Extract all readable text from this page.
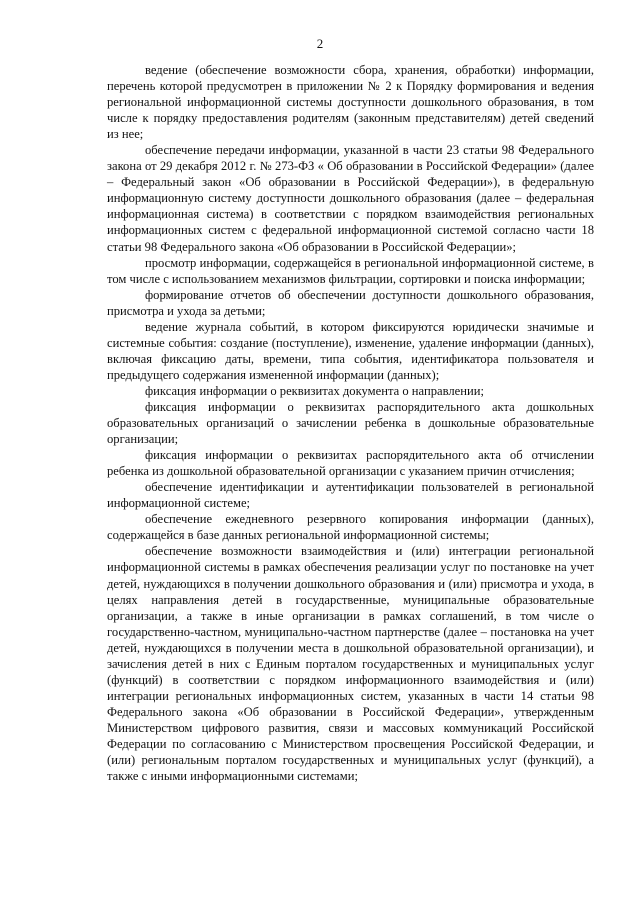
2

ведение (обеспечение возможности сбора, хранения, обработки) информации, перечень которой предусмотрен в приложении № 2 к Порядку формирования и ведения региональной информационной системы доступности дошкольного образования, в том числе к порядку предоставления родителям (законным представителям) детей сведений из нее;

обеспечение передачи информации, указанной в части 23 статьи 98 Федерального закона от 29 декабря 2012 г. № 273-ФЗ « Об образовании в Российской Федерации» (далее – Федеральный закон «Об образовании в Российской Федерации»), в федеральную информационную систему доступности дошкольного образования (далее – федеральная информационная система) в соответствии с порядком взаимодействия региональных информационных систем с федеральной информационной системой согласно части 18 статьи 98 Федерального закона «Об образовании в Российской Федерации»;

просмотр информации, содержащейся в региональной информационной системе, в том числе с использованием механизмов фильтрации, сортировки и поиска информации;

формирование отчетов об обеспечении доступности дошкольного образования, присмотра и ухода за детьми;

ведение журнала событий, в котором фиксируются юридически значимые и системные события: создание (поступление), изменение, удаление информации (данных), включая фиксацию даты, времени, типа события, идентификатора пользователя и предыдущего содержания измененной информации (данных);

фиксация информации о реквизитах документа о направлении;

фиксация информации о реквизитах распорядительного акта дошкольных образовательных организаций о зачислении ребенка в дошкольные образовательные организации;

фиксация информации о реквизитах распорядительного акта об отчислении ребенка из дошкольной образовательной организации с указанием причин отчисления;

обеспечение идентификации и аутентификации пользователей в региональной информационной системе;

обеспечение ежедневного резервного копирования информации (данных), содержащейся в базе данных региональной информационной системы;

обеспечение возможности взаимодействия и (или) интеграции региональной информационной системы в рамках обеспечения реализации услуг по постановке на учет детей, нуждающихся в получении дошкольного образования и (или) присмотра и ухода, в целях направления детей в государственные, муниципальные образовательные организации, а также в иные организации в рамках соглашений, в том числе о государственно-частном, муниципально-частном партнерстве (далее – постановка на учет детей, нуждающихся в получении места в дошкольной образовательной организации), и зачисления детей в них с Единым порталом государственных и муниципальных услуг (функций) в соответствии с порядком информационного взаимодействия и (или) интеграции региональных информационных систем, указанных в части 14 статьи 98 Федерального закона «Об образовании в Российской Федерации», утвержденным Министерством цифрового развития, связи и массовых коммуникаций Российской Федерации по согласованию с Министерством просвещения Российской Федерации, и (или) региональным порталом государственных и муниципальных услуг (функций), а также с иными информационными системами;
